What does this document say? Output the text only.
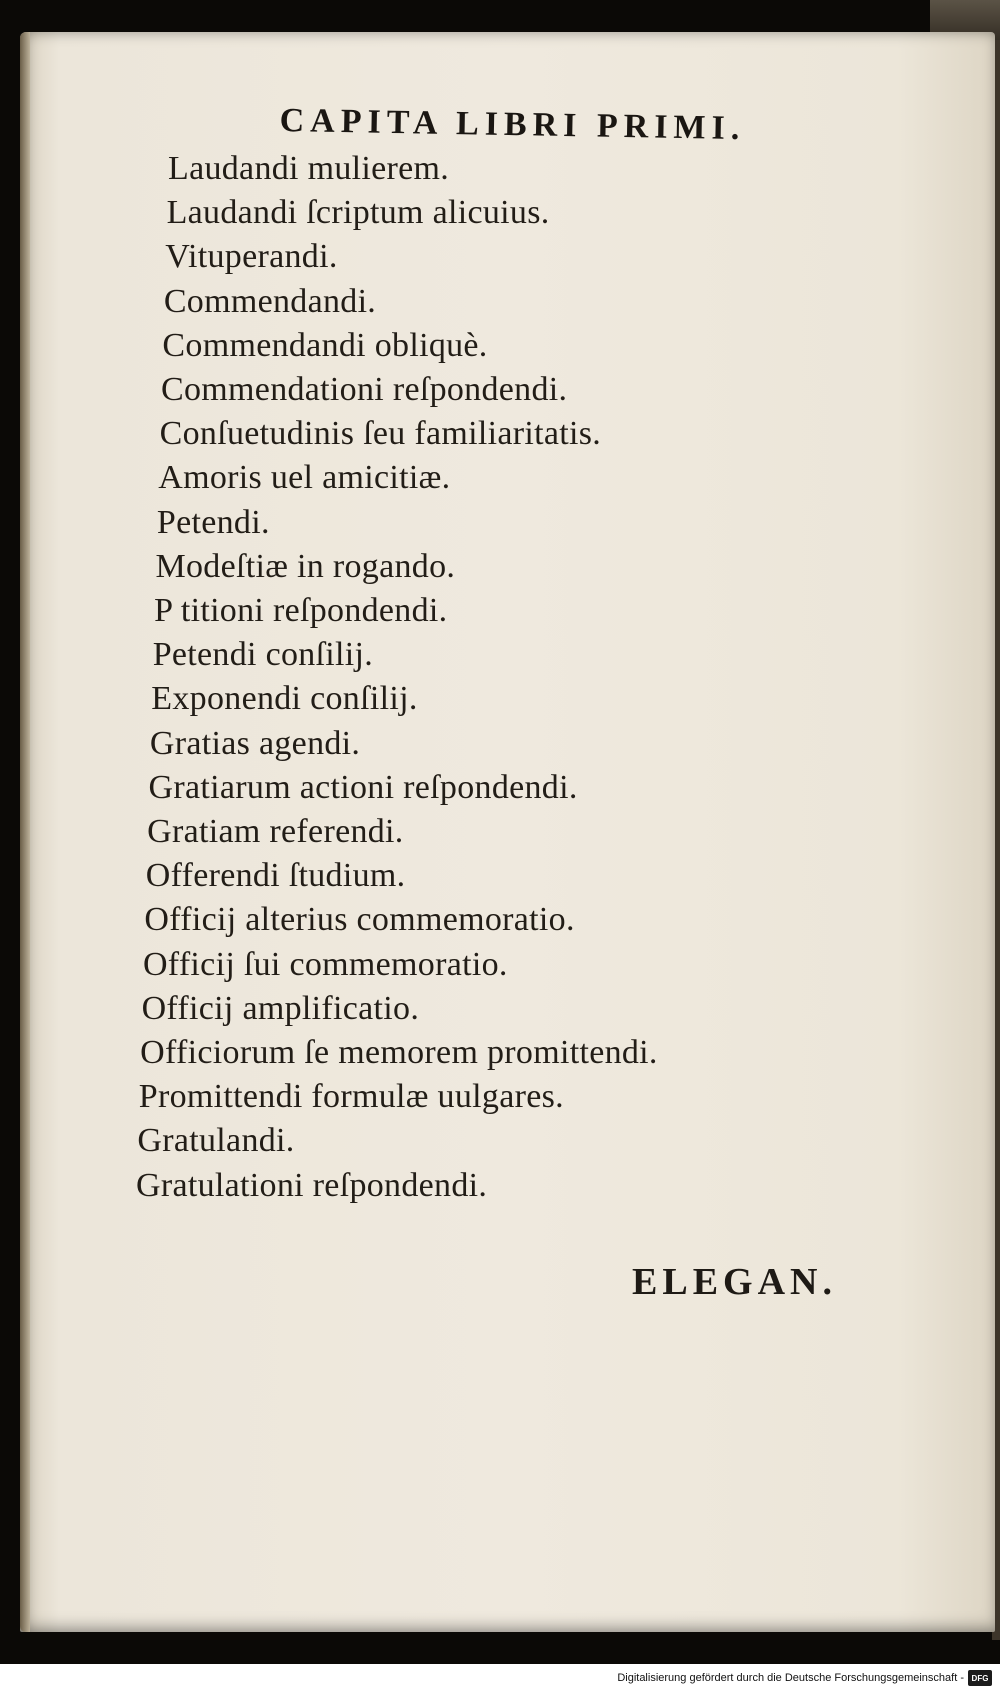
CAPITA LIBRI PRIMI.
Laudandi mulierem.
Laudandi ſcriptum alicuius.
Vituperandi.
Commendandi.
Commendandi obliquè.
Commendationi reſpondendi.
Conſuetudinis ſeu familiaritatis.
Amoris uel amicitiæ.
Petendi.
Modeſtiæ in rogando.
P titioni reſpondendi.
Petendi conſilij.
Exponendi conſilij.
Gratias agendi.
Gratiarum actioni reſpondendi.
Gratiam referendi.
Offerendi ſtudium.
Officij alterius commemoratio.
Officij ſui commemoratio.
Officij amplificatio.
Officiorum ſe memorem promittendi.
Promittendi formulæ uulgares.
Gratulandi.
Gratulationi reſpondendi.
ELEGAN.
Digitalisierung gefördert durch die Deutsche Forschungsgemeinschaft - DFG
